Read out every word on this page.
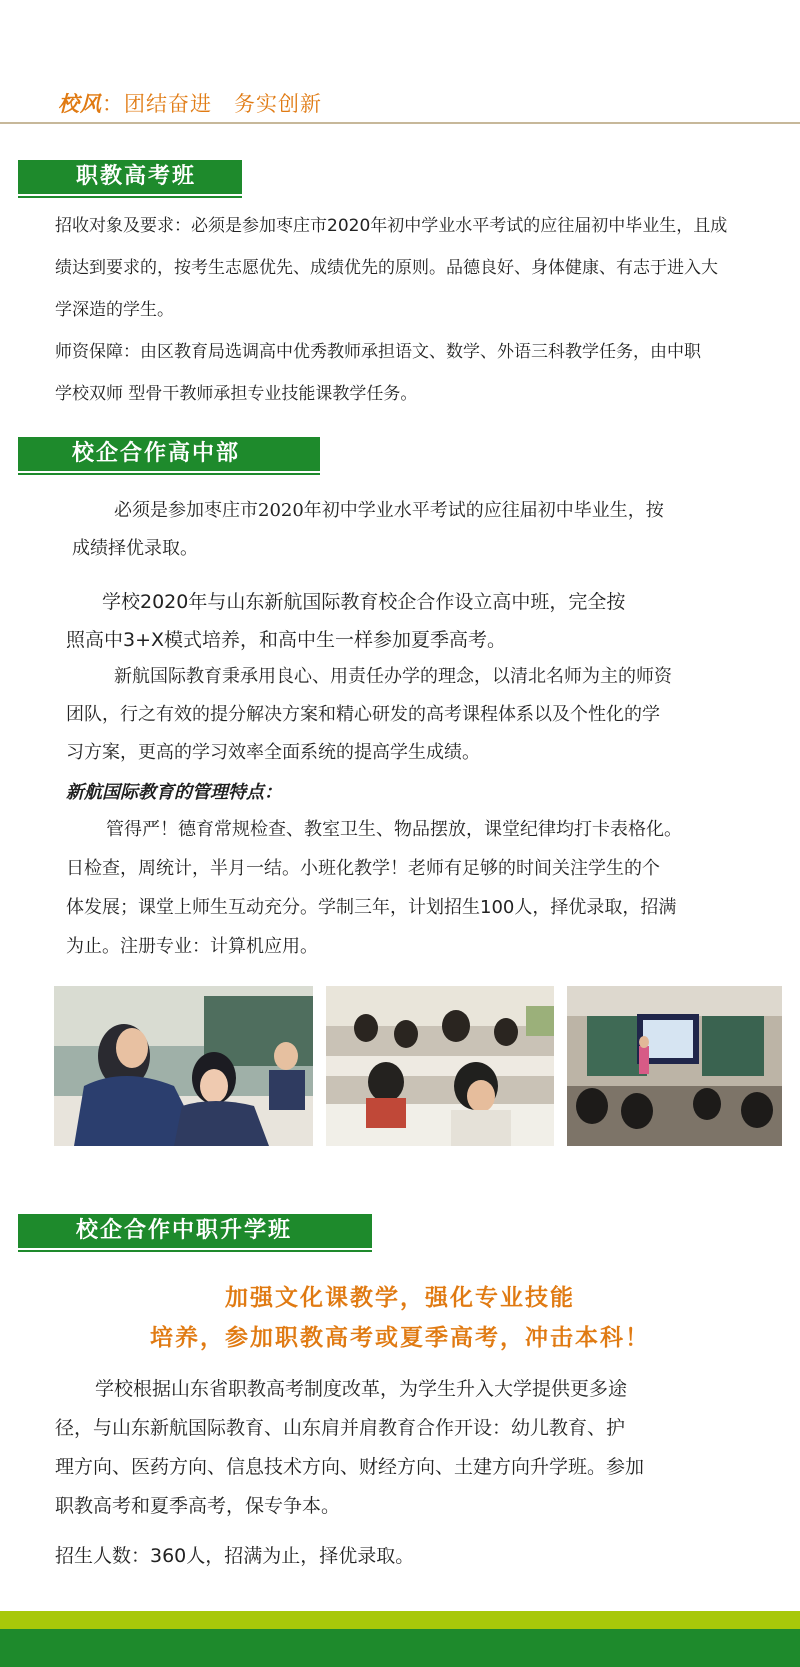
校风：团结奋进　务实创新
职教高考班
招收对象及要求：必须是参加枣庄市2020年初中学业水平考试的应往届初中毕业生，且成
绩达到要求的，按考生志愿优先、成绩优先的原则。品德良好、身体健康、有志于进入大
学深造的学生。
师资保障：由区教育局选调高中优秀教师承担语文、数学、外语三科教学任务，由中职
学校双师 型骨干教师承担专业技能课教学任务。
校企合作高中部
必须是参加枣庄市2020年初中学业水平考试的应往届初中毕业生，按
成绩择优录取。
学校2020年与山东新航国际教育校企合作设立高中班，完全按
照高中3+X模式培养，和高中生一样参加夏季高考。
新航国际教育秉承用良心、用责任办学的理念，以清北名师为主的师资
团队，行之有效的提分解决方案和精心研发的高考课程体系以及个性化的学
习方案，更高的学习效率全面系统的提高学生成绩。
新航国际教育的管理特点：
管得严！德育常规检查、教室卫生、物品摆放，课堂纪律均打卡表格化。
日检查，周统计，半月一结。小班化教学！老师有足够的时间关注学生的个
体发展；课堂上师生互动充分。学制三年，计划招生100人，择优录取，招满
为止。注册专业：计算机应用。
校企合作中职升学班
加强文化课教学，强化专业技能
培养，参加职教高考或夏季高考，冲击本科！
学校根据山东省职教高考制度改革，为学生升入大学提供更多途
径，与山东新航国际教育、山东肩并肩教育合作开设：幼儿教育、护
理方向、医药方向、信息技术方向、财经方向、土建方向升学班。参加
职教高考和夏季高考，保专争本。
招生人数：360人，招满为止，择优录取。
